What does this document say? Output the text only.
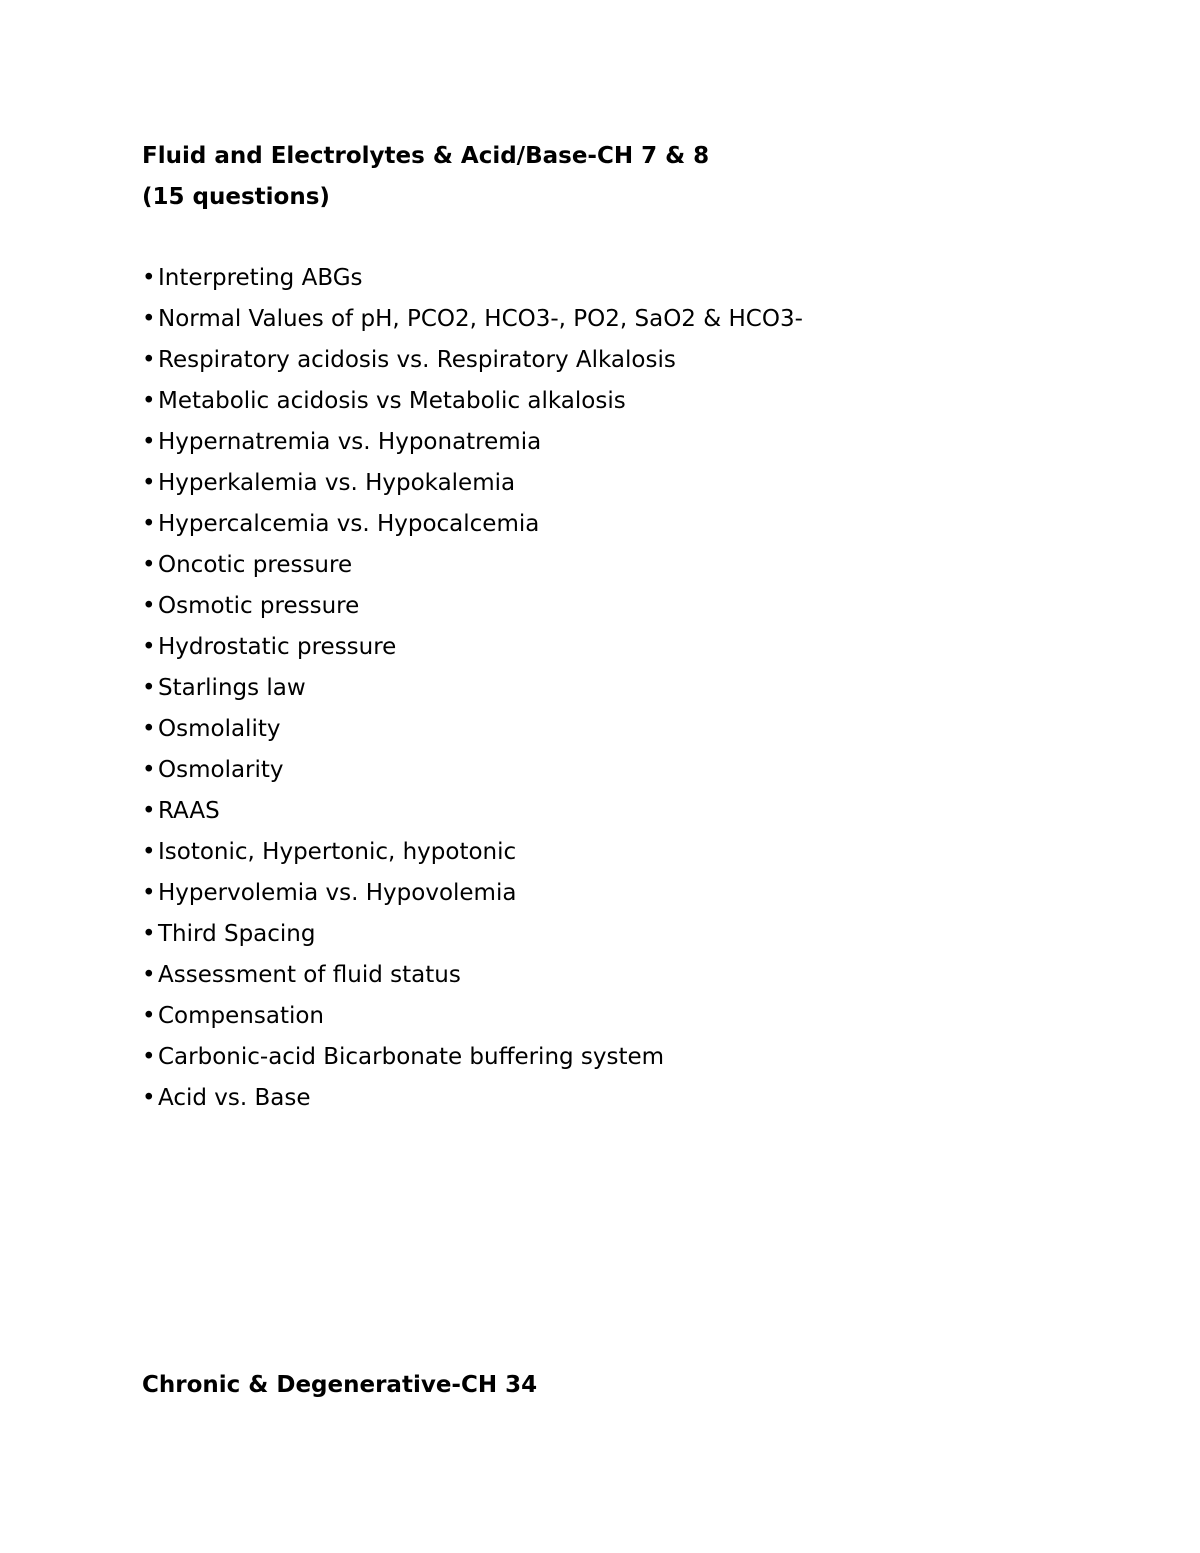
Fluid and Electrolytes & Acid/Base-CH 7 & 8
(15 questions)
• Interpreting ABGs
• Normal Values of pH, PCO2, HCO3-, PO2, SaO2 & HCO3-
• Respiratory acidosis vs. Respiratory Alkalosis
• Metabolic acidosis vs Metabolic alkalosis
• Hypernatremia vs. Hyponatremia
• Hyperkalemia vs. Hypokalemia
• Hypercalcemia vs. Hypocalcemia
• Oncotic pressure
• Osmotic pressure
• Hydrostatic pressure
• Starlings law
• Osmolality
• Osmolarity
• RAAS
• Isotonic, Hypertonic, hypotonic
• Hypervolemia vs. Hypovolemia
• Third Spacing
• Assessment of fluid status
• Compensation
• Carbonic-acid Bicarbonate buffering system
• Acid vs. Base
Chronic & Degenerative-CH 34
